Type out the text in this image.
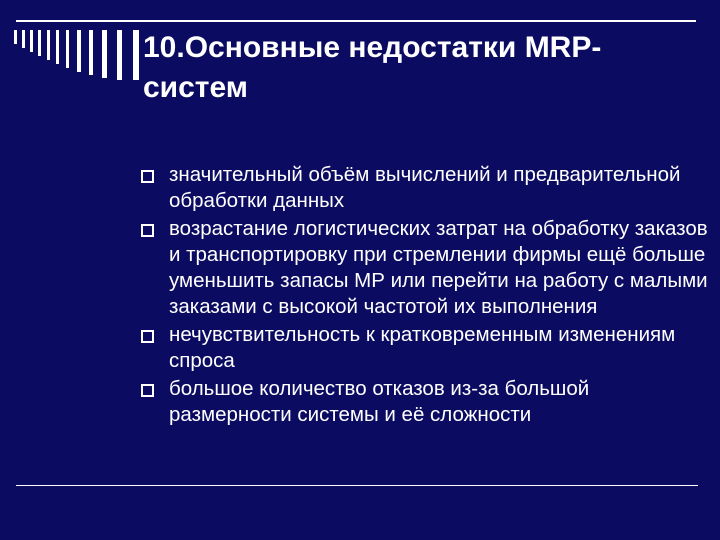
10.Основные недостатки MRP-
систем
значительный объём вычислений и предварительной обработки данных
возрастание логистических затрат на обработку заказов и транспортировку при стремлении фирмы ещё больше уменьшить запасы МР или перейти на работу с малыми заказами с высокой частотой их выполнения
нечувствительность к кратковременным изменениям спроса
большое количество отказов из-за большой размерности системы и её сложности
